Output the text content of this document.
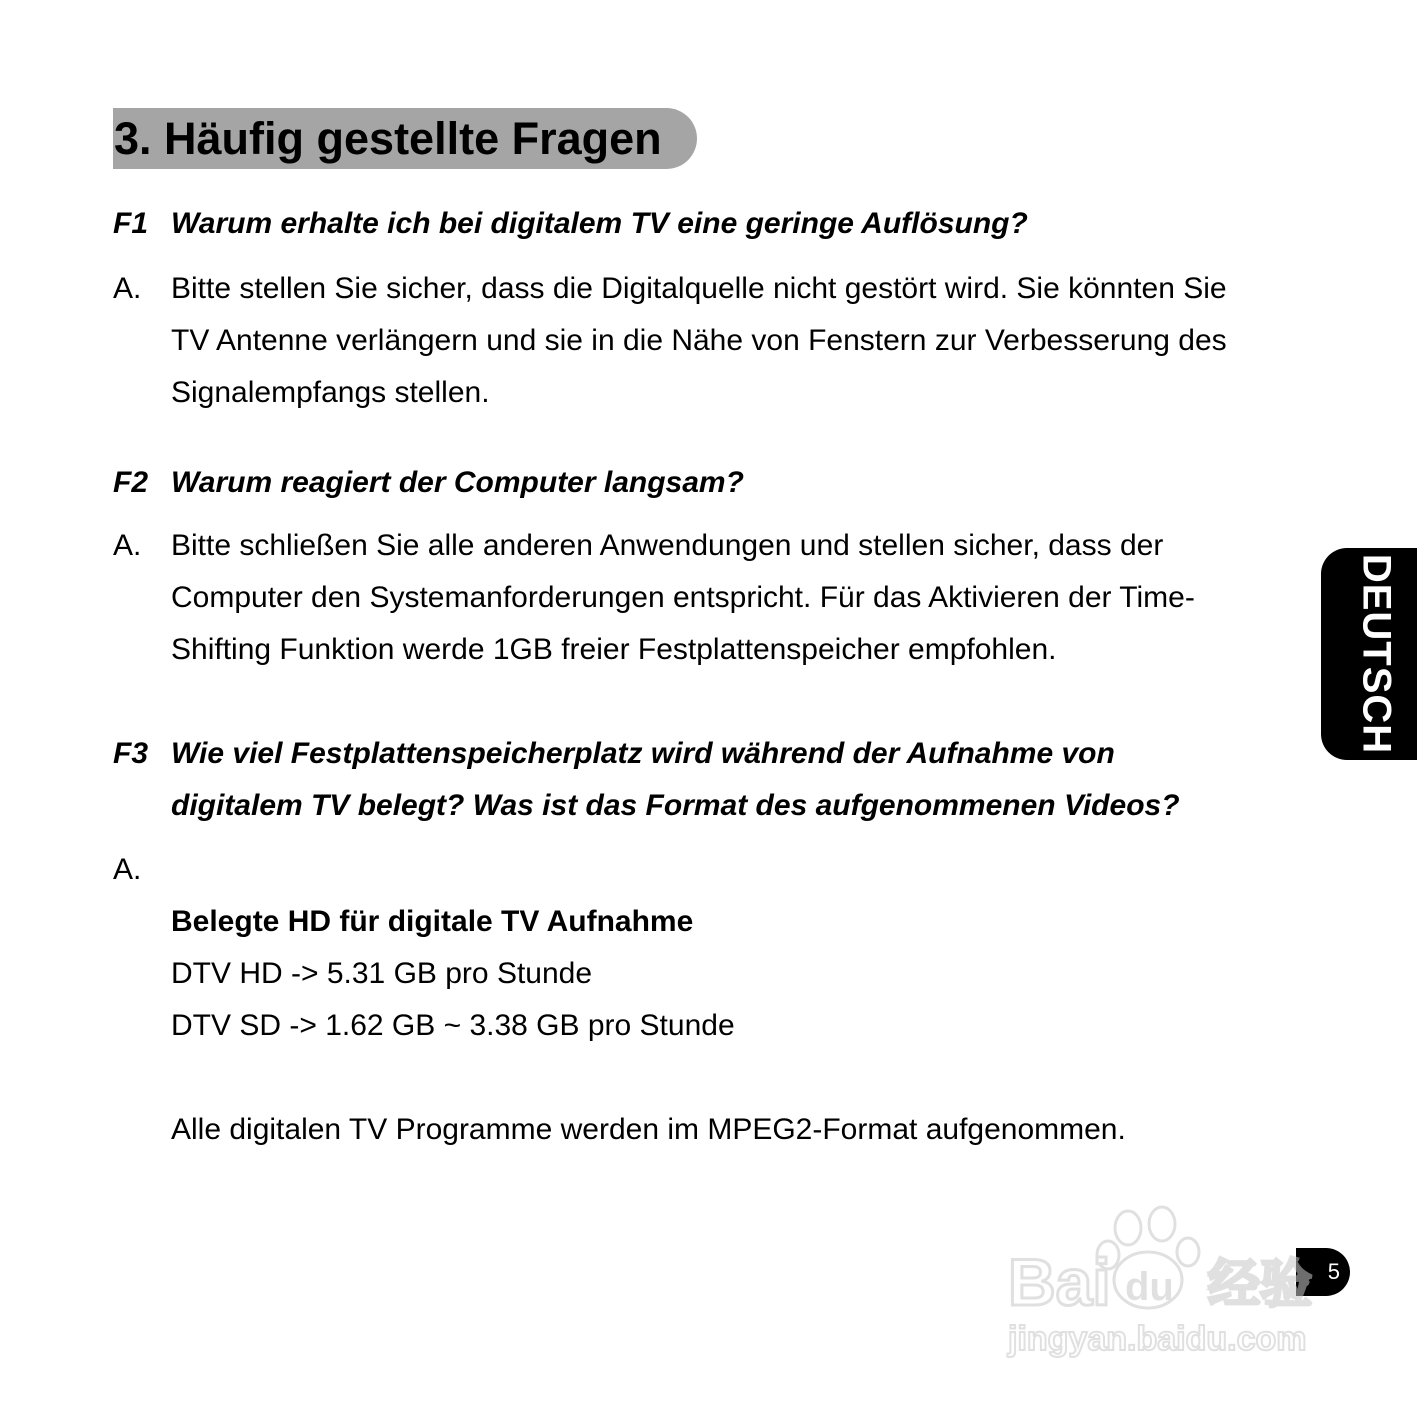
3. Häufig gestellte Fragen
F1 Warum erhalte ich bei digitalem TV eine geringe Auflösung?
A. Bitte stellen Sie sicher, dass die Digitalquelle nicht gestört wird. Sie könnten Sie
TV Antenne verlängern und sie in die Nähe von Fenstern zur Verbesserung des
Signalempfangs stellen.
F2 Warum reagiert der Computer langsam?
A. Bitte schließen Sie alle anderen Anwendungen und stellen sicher, dass der
Computer den Systemanforderungen entspricht. Für das Aktivieren der Time-
Shifting Funktion werde 1GB freier Festplattenspeicher empfohlen.
F3 Wie viel Festplattenspeicherplatz wird während der Aufnahme von
digitalem TV belegt? Was ist das Format des aufgenommenen Videos?
A.
Belegte HD für digitale TV Aufnahme
DTV HD -> 5.31 GB pro Stunde
DTV SD -> 1.62 GB ~ 3.38 GB pro Stunde
Alle digitalen TV Programme werden im MPEG2-Format aufgenommen.
DEUTSCH
5
Bai du 经验
jingyan.baidu.com
